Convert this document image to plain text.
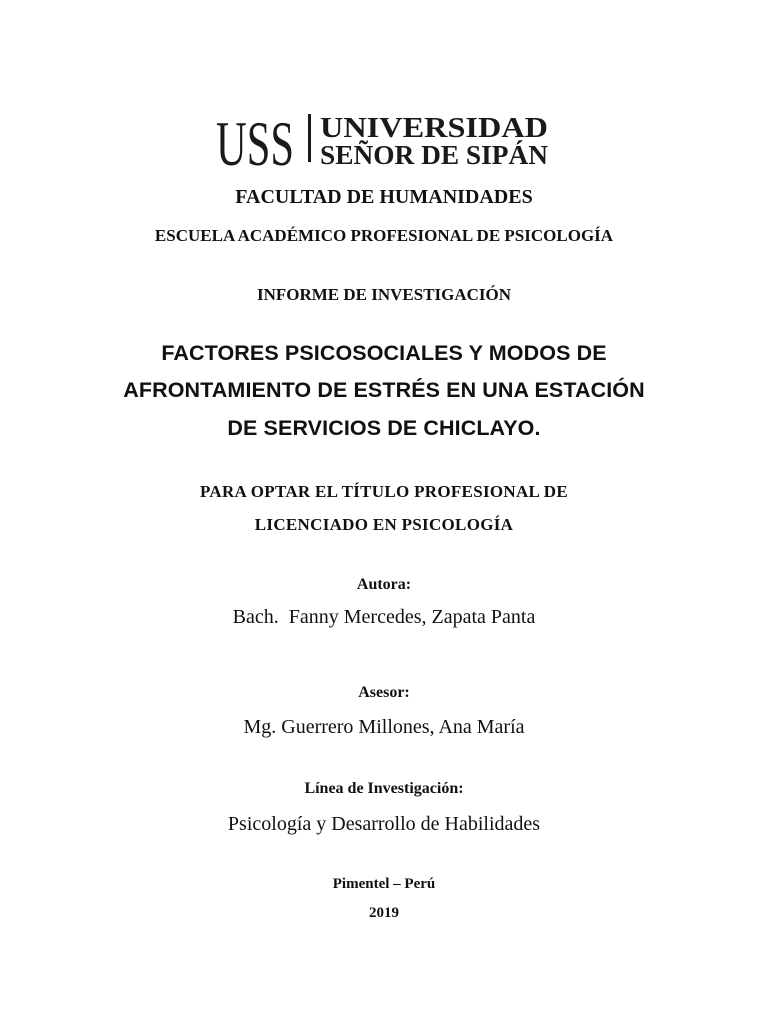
USS UNIVERSIDAD
SEÑOR DE SIPÁN
FACULTAD DE HUMANIDADES
ESCUELA ACADÉMICO PROFESIONAL DE PSICOLOGÍA
INFORME DE INVESTIGACIÓN
FACTORES PSICOSOCIALES Y MODOS DE
AFRONTAMIENTO DE ESTRÉS EN UNA ESTACIÓN
DE SERVICIOS DE CHICLAYO.
PARA OPTAR EL TÍTULO PROFESIONAL DE
LICENCIADO EN PSICOLOGÍA
Autora:
Bach.  Fanny Mercedes, Zapata Panta
Asesor:
Mg. Guerrero Millones, Ana María
Línea de Investigación:
Psicología y Desarrollo de Habilidades
Pimentel – Perú
2019
